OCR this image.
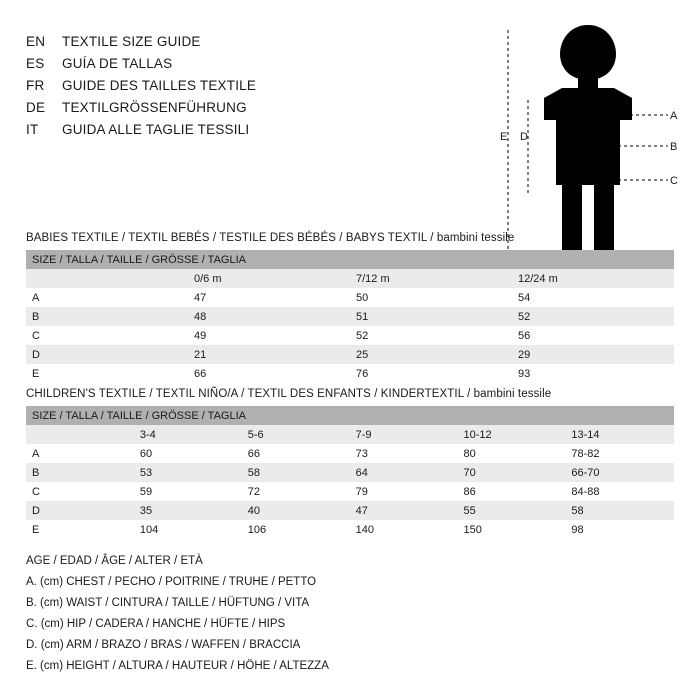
EN	TEXTILE SIZE GUIDE
ES	GUÍA DE TALLAS
FR	GUIDE DES TAILLES TEXTILE
DE	TEXTILGRÖSSENFÜHRUNG
IT	GUIDA ALLE TAGLIE TESSILI
A
B
C
D
E
BABIES TEXTILE / TEXTIL BEBÉS / TESTILE DES BÉBÉS / BABYS TEXTIL / bambini tessile
SIZE / TALLA / TAILLE / GRÖSSE / TAGLIA			
	0/6 m	7/12 m	12/24 m
A	47	50	54
B	48	51	52
C	49	52	56
D	21	25	29
E	66	76	93
CHILDREN'S TEXTILE / TEXTIL NIÑO/A / TEXTIL DES ENFANTS / KINDERTEXTIL / bambini tessile
SIZE / TALLA / TAILLE / GRÖSSE / TAGLIA					
	3-4	5-6	7-9	10-12	13-14
A	60	66	73	80	78-82
B	53	58	64	70	66-70
C	59	72	79	86	84-88
D	35	40	47	55	58
E	104	106	140	150	98
AGE / EDAD / ÂGE / ALTER / ETÀ
A. (cm) CHEST / PECHO / POITRINE / TRUHE / PETTO
B. (cm) WAIST / CINTURA / TAILLE / HÜFTUNG / VITA
C. (cm) HIP / CADERA / HANCHE / HÜFTE / HIPS
D. (cm) ARM / BRAZO / BRAS / WAFFEN / BRACCIA
E. (cm) HEIGHT / ALTURA / HAUTEUR / HÖHE / ALTEZZA
